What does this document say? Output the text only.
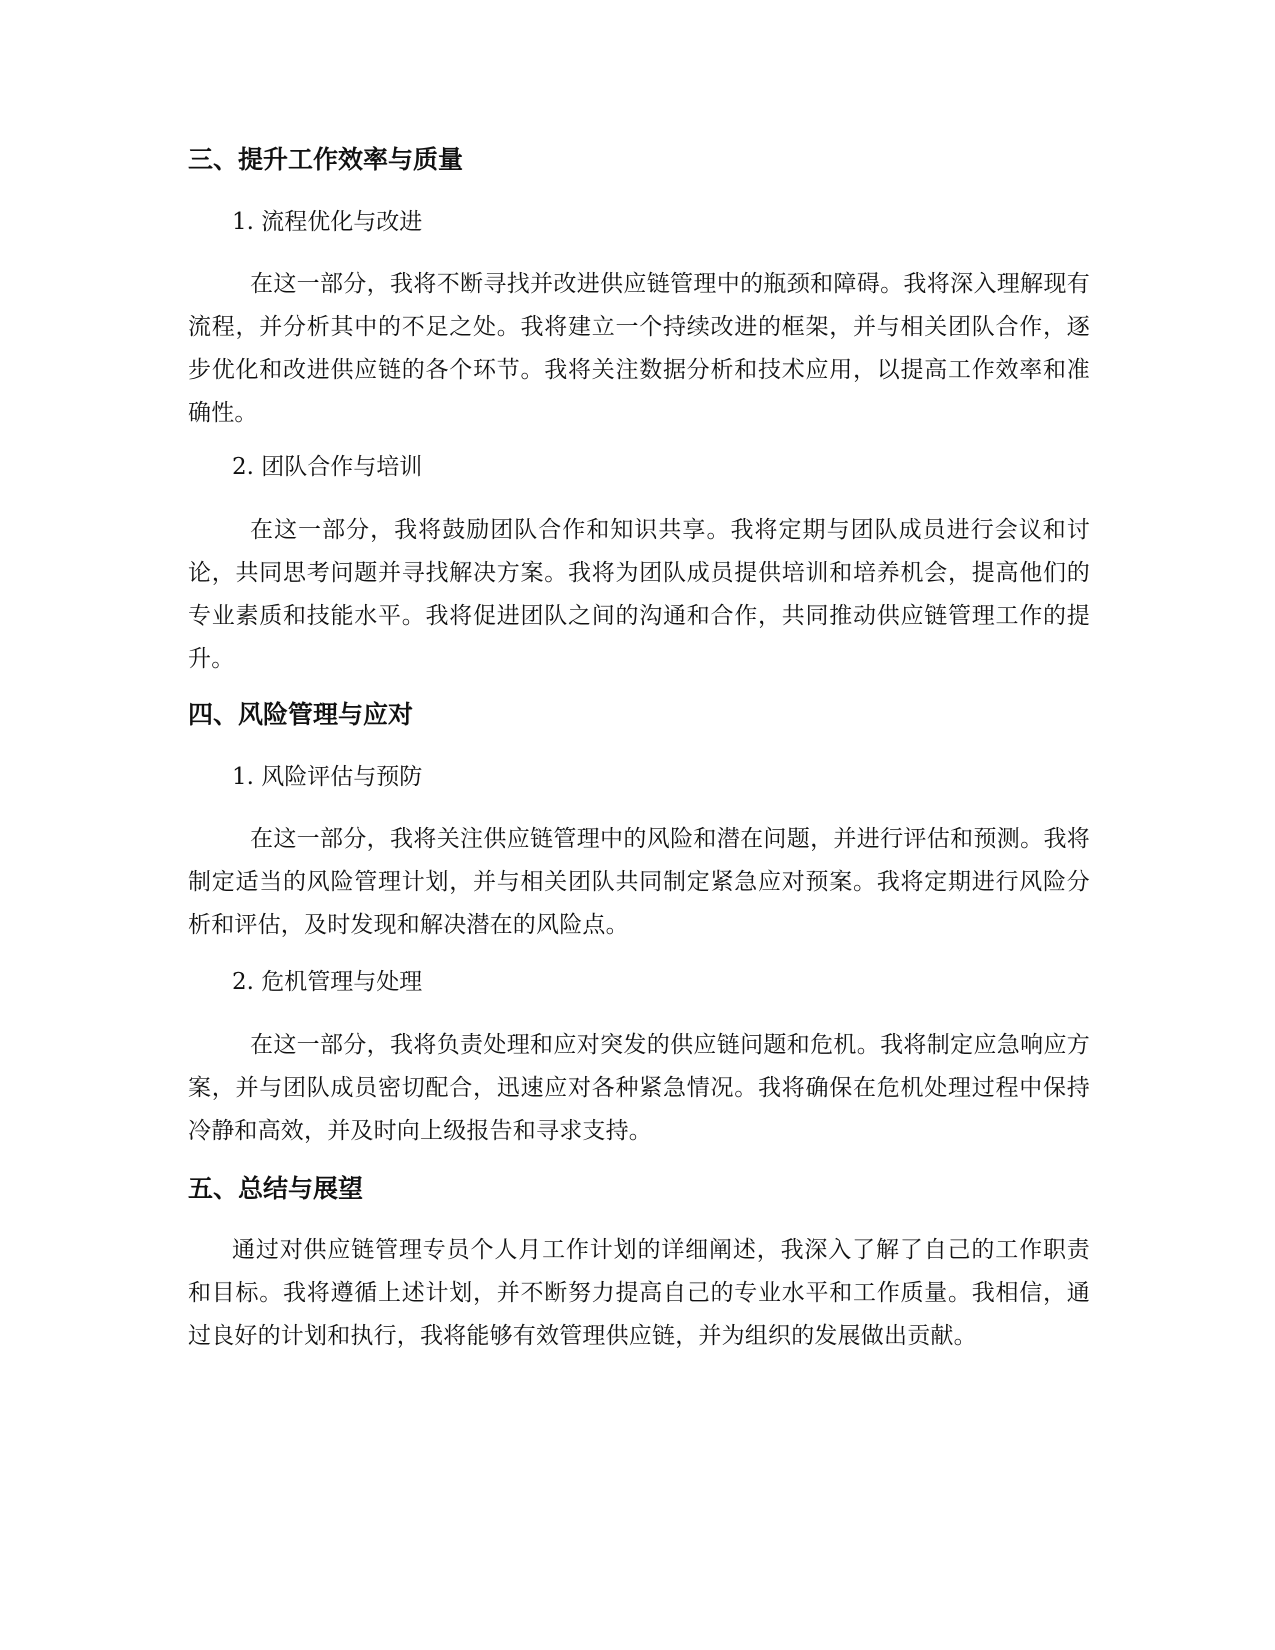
三、提升工作效率与质量

1. 流程优化与改进

在这一部分，我将不断寻找并改进供应链管理中的瓶颈和障碍。我将深入理解现有流程，并分析其中的不足之处。我将建立一个持续改进的框架，并与相关团队合作，逐步优化和改进供应链的各个环节。我将关注数据分析和技术应用，以提高工作效率和准确性。

2. 团队合作与培训

在这一部分，我将鼓励团队合作和知识共享。我将定期与团队成员进行会议和讨论，共同思考问题并寻找解决方案。我将为团队成员提供培训和培养机会，提高他们的专业素质和技能水平。我将促进团队之间的沟通和合作，共同推动供应链管理工作的提升。

四、风险管理与应对

1. 风险评估与预防

在这一部分，我将关注供应链管理中的风险和潜在问题，并进行评估和预测。我将制定适当的风险管理计划，并与相关团队共同制定紧急应对预案。我将定期进行风险分析和评估，及时发现和解决潜在的风险点。

2. 危机管理与处理

在这一部分，我将负责处理和应对突发的供应链问题和危机。我将制定应急响应方案，并与团队成员密切配合，迅速应对各种紧急情况。我将确保在危机处理过程中保持冷静和高效，并及时向上级报告和寻求支持。

五、总结与展望

通过对供应链管理专员个人月工作计划的详细阐述，我深入了解了自己的工作职责和目标。我将遵循上述计划，并不断努力提高自己的专业水平和工作质量。我相信，通过良好的计划和执行，我将能够有效管理供应链，并为组织的发展做出贡献。
